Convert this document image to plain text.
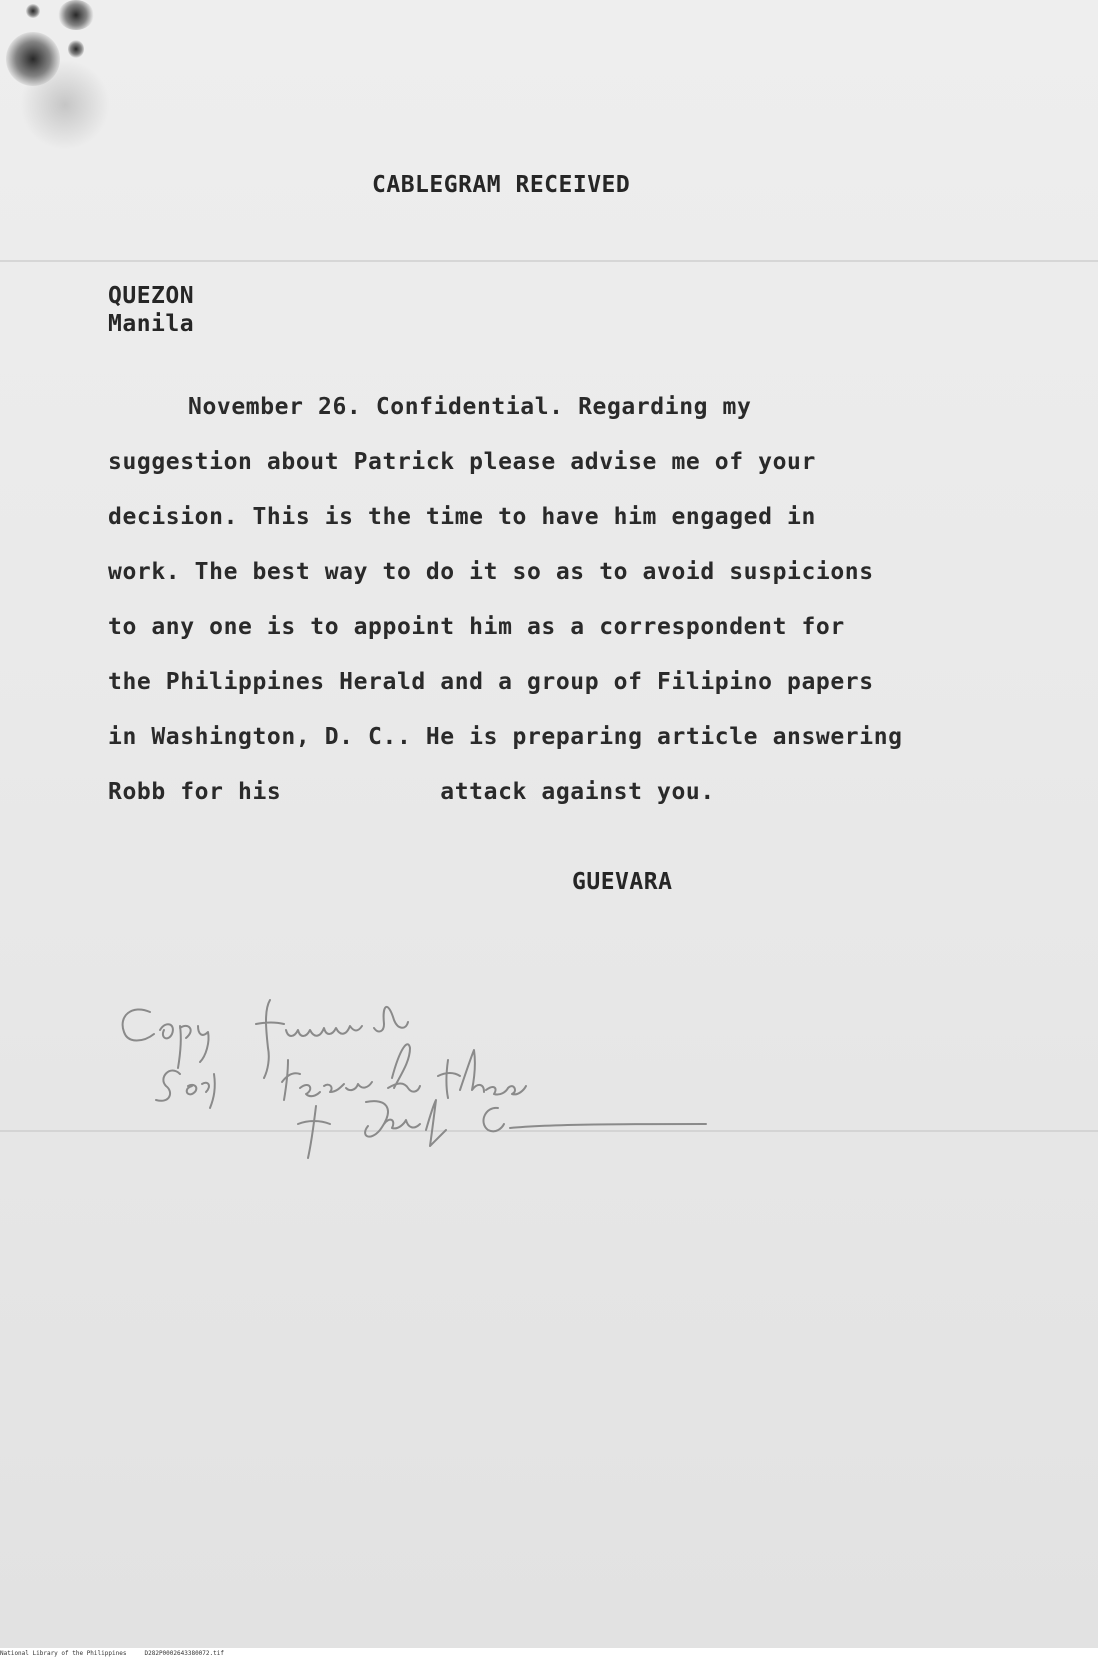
CABLEGRAM RECEIVED
QUEZON
Manila
November 26. Confidential. Regarding my
suggestion about Patrick please advise me of your
decision. This is the time to have him engaged in
work. The best way to do it so as to avoid suspicions
to any one is to appoint him as a correspondent for
the Philippines Herald and a group of Filipino papers
in Washington, D. C.. He is preparing article answering
Robb for his           attack against you.
GUEVARA
National Library of the Philippines	D282P0002643380072.tif
